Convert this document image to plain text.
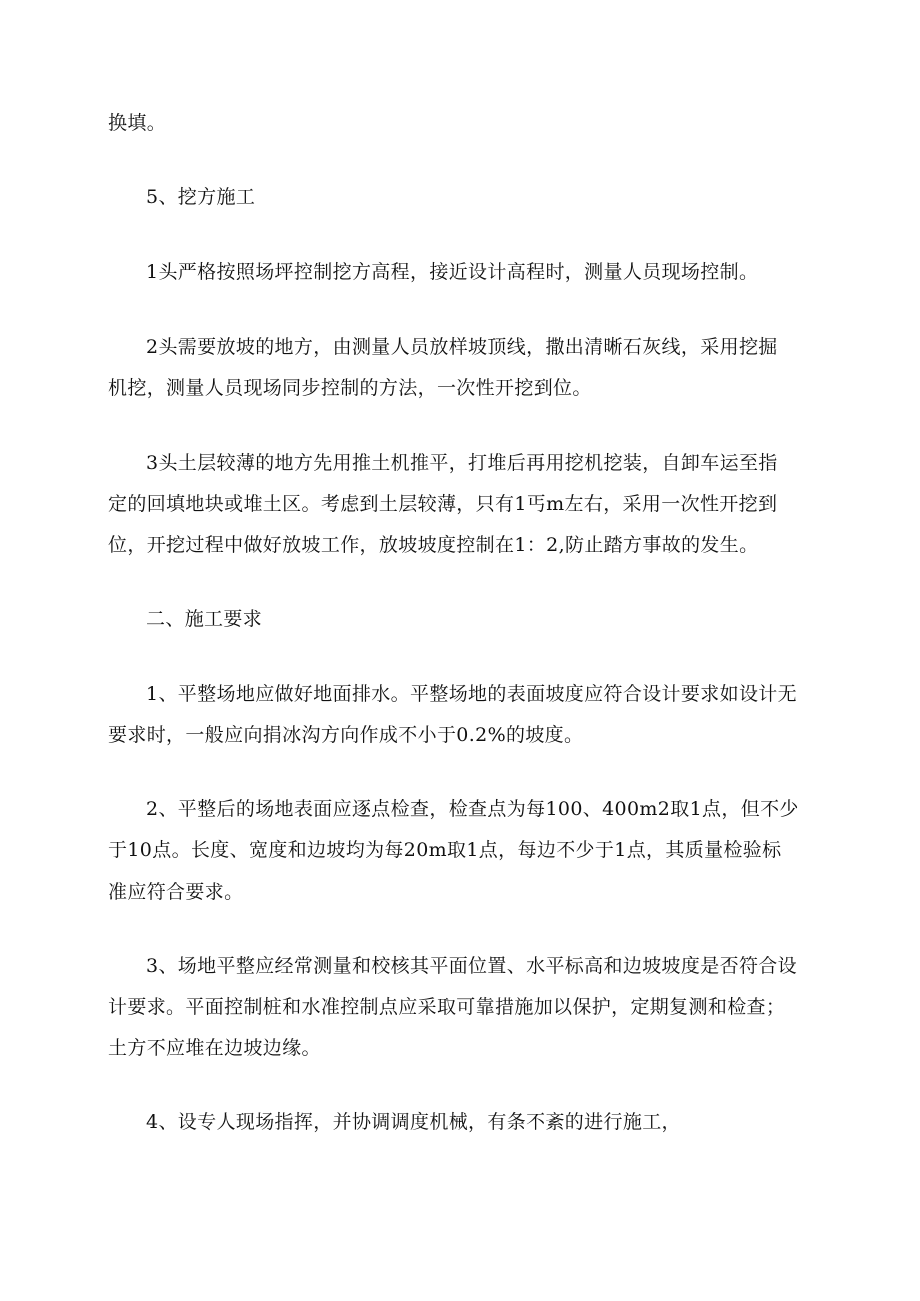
换填。

5、挖方施工

1头严格按照场坪控制挖方高程，接近设计高程时，测量人员现场控制。

2头需要放坡的地方，由测量人员放样坡顶线，撒出清晰石灰线，采用挖掘

机挖，测量人员现场同步控制的方法，一次性开挖到位。

3头土层较薄的地方先用推土机推平，打堆后再用挖机挖装，自卸车运至指

定的回填地块或堆土区。考虑到土层较薄，只有1丐m左右，采用一次性开挖到

位，开挖过程中做好放坡工作，放坡坡度控制在1：2,防止踏方事故的发生。

二、施工要求

1、平整场地应做好地面排水。平整场地的表面坡度应符合设计要求如设计无

要求时，一般应向捐冰沟方向作成不小于0.2%的坡度。

2、平整后的场地表面应逐点检查，检查点为每100、400m2取1点，但不少

于10点。长度、宽度和边坡均为每20m取1点，每边不少于1点，其质量检验标

准应符合要求。

3、场地平整应经常测量和校核其平面位置、水平标高和边坡坡度是否符合设

计要求。平面控制桩和水准控制点应采取可靠措施加以保护，定期复测和检查；

土方不应堆在边坡边缘。

4、设专人现场指挥，并协调调度机械，有条不紊的进行施工，
